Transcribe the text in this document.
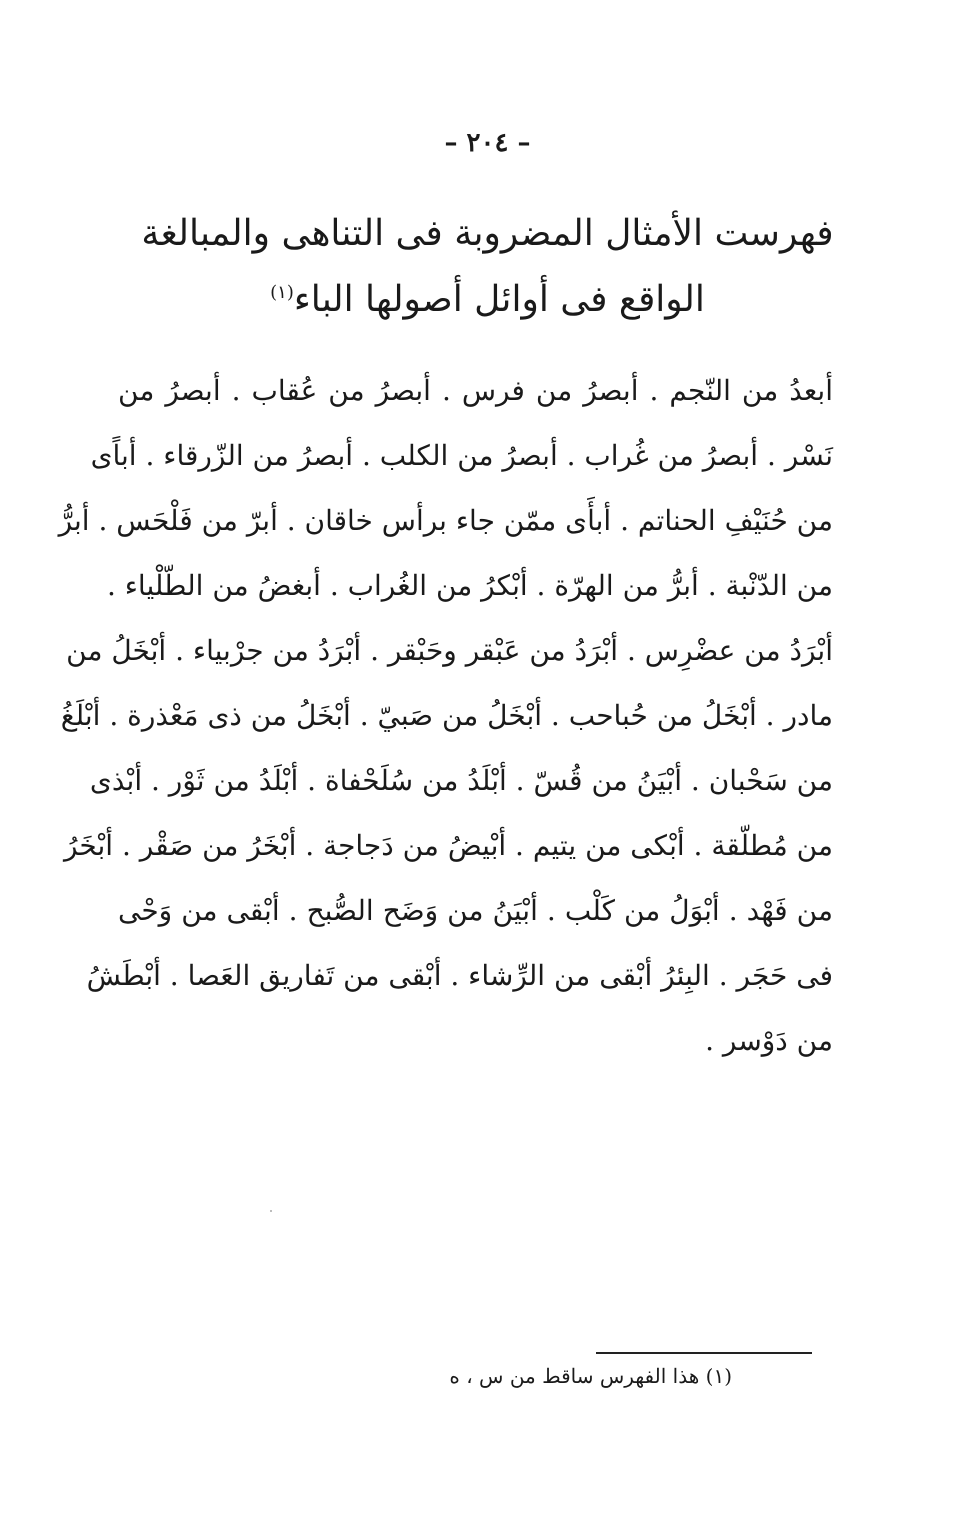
– ٢٠٤ –
فهرست الأمثال المضروبة فى التناهى والمبالغة
الواقع فى أوائل أصولها الباء$^{(١)}$
أبعدُ من النّجم . أبصرُ من فرس . أبصرُ من عُقاب . أبصرُ من
نَسْر . أبصرُ من غُراب . أبصرُ من الكلب . أبصرُ من الزّرقاء . أباًى
من حُنَيْفِ الحناتم . أبأَى ممّن جاء برأس خاقان . أبرّ من فَلْحَس . أبرُّ
من الدّنْبة . أبرُّ من الهرّة . أبْكرُ من الغُراب . أبغضُ من الطّلْياء .
أبْرَدُ من عضْرِس . أبْرَدُ من عَبْقر وحَبْقر . أبْرَدُ من جرْبياء . أبْخَلُ من
مادر . أبْخَلُ من حُباحب . أبْخَلُ من صَبيّ . أبْخَلُ من ذى مَعْذرة . أبْلَغُ
من سَحْبان . أبْيَنُ من قُسّ . أبْلَدُ من سُلَحْفاة . أبْلَدُ من ثَوْر . أبْذى
من مُطلّقة . أبْكى من يتيم . أبْيضُ من دَجاجة . أبْخَرُ من صَقْر . أبْخَرُ
من فَهْد . أبْوَلُ من كَلْب . أبْيَنُ من وَضَح الصُّبح . أبْقى من وَحْى
فى حَجَر . البِئرُ أبْقى من الرِّشاء . أبْقى من تَفاريق العَصا . أبْطَشُ
من دَوْسر .
(١) هذا الفهرس ساقط من س ، ه
